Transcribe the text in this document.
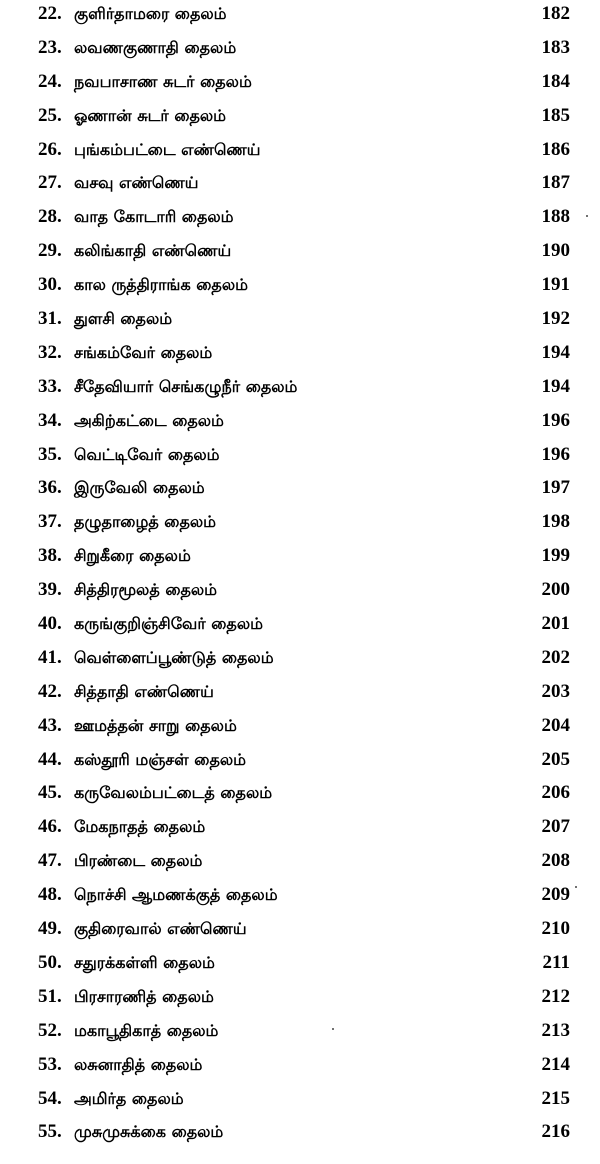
22. குளிர்தாமரை தைலம்	182
23. லவணகுணாதி தைலம்	183
24. நவபாசாண சுடர் தைலம்	184
25. ஓணான் சுடர் தைலம்	185
26. புங்கம்பட்டை எண்ணெய்	186
27. வசவு எண்ணெய்	187
28. வாத கோடாரி தைலம்	188
29. கலிங்காதி எண்ணெய்	190
30. கால ருத்திராங்க தைலம்	191
31. துளசி தைலம்	192
32. சங்கம்வேர் தைலம்	194
33. சீதேவியார் செங்கழுநீர் தைலம்	194
34. அகிற்கட்டை தைலம்	196
35. வெட்டிவேர் தைலம்	196
36. இருவேலி தைலம்	197
37. தழுதாழைத் தைலம்	198
38. சிறுகீரை தைலம்	199
39. சித்திரமூலத் தைலம்	200
40. கருங்குறிஞ்சிவேர் தைலம்	201
41. வெள்ளைப்பூண்டுத் தைலம்	202
42. சித்தாதி எண்ணெய்	203
43. ஊமத்தன் சாறு தைலம்	204
44. கஸ்தூரி மஞ்சள் தைலம்	205
45. கருவேலம்பட்டைத் தைலம்	206
46. மேகநாதத் தைலம்	207
47. பிரண்டை தைலம்	208
48. நொச்சி ஆமணக்குத் தைலம்	209
49. குதிரைவால் எண்ணெய்	210
50. சதுரக்கள்ளி தைலம்	211
51. பிரசாரணித் தைலம்	212
52. மகாபூதிகாத் தைலம்	213
53. லசுனாதித் தைலம்	214
54. அமிர்த தைலம்	215
55. முசுமுசுக்கை தைலம்	216
